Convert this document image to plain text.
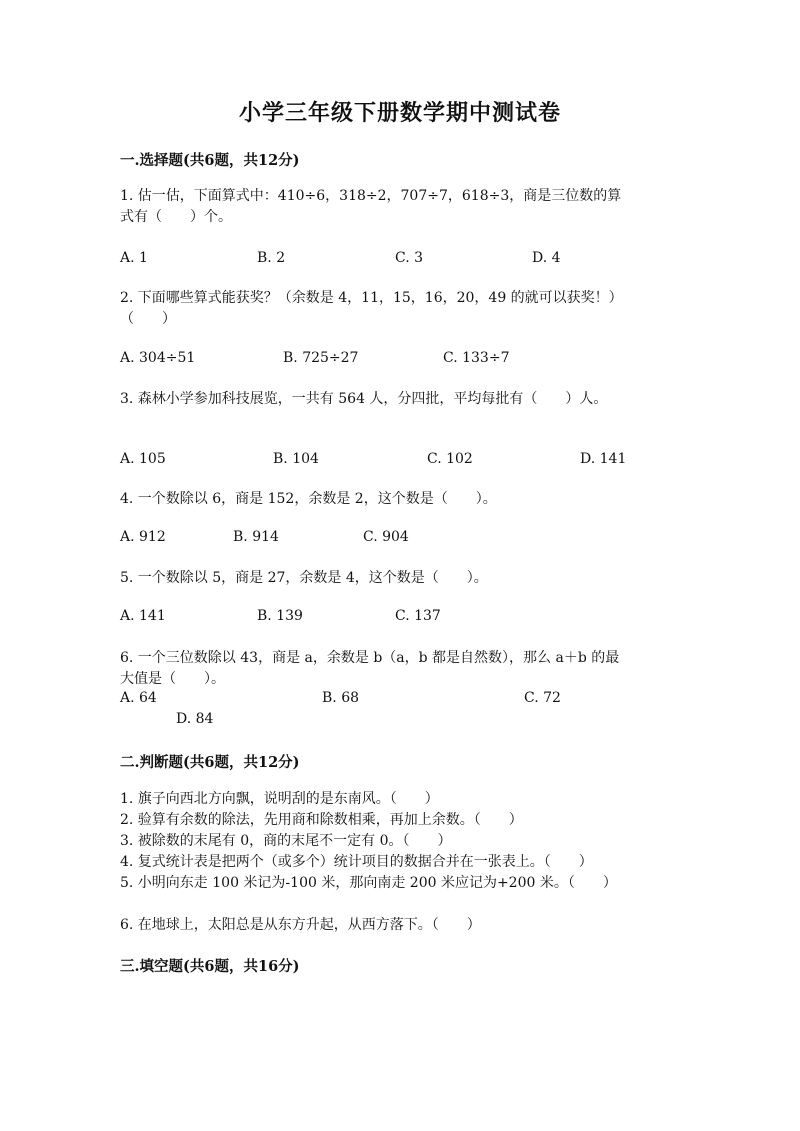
小学三年级下册数学期中测试卷
一.选择题(共6题，共12分)
1. 估一估，下面算式中：410÷6，318÷2，707÷7，618÷3，商是三位数的算
式有（　　）个。
A. 1	B. 2	C. 3	D. 4
2. 下面哪些算式能获奖？（余数是 4，11，15，16，20，49 的就可以获奖！）
（　　）
A. 304÷51	B. 725÷27	C. 133÷7
3. 森林小学参加科技展览，一共有 564 人，分四批，平均每批有（　　）人。
A. 105	B. 104	C. 102	D. 141
4. 一个数除以 6，商是 152，余数是 2，这个数是（　　）。
A. 912	B. 914	C. 904
5. 一个数除以 5，商是 27，余数是 4，这个数是（　　）。
A. 141	B. 139	C. 137
6. 一个三位数除以 43，商是 a，余数是 b（a，b 都是自然数），那么 a＋b 的最
大值是（　　）。
A. 64	B. 68	C. 72
D. 84
二.判断题(共6题，共12分)
1. 旗子向西北方向飘，说明刮的是东南风。（　　）
2. 验算有余数的除法，先用商和除数相乘，再加上余数。（　　）
3. 被除数的末尾有 0，商的末尾不一定有 0。（　　）
4. 复式统计表是把两个（或多个）统计项目的数据合并在一张表上。（　　）
5. 小明向东走 100 米记为-100 米，那向南走 200 米应记为+200 米。（　　）
6. 在地球上，太阳总是从东方升起，从西方落下。（　　）
三.填空题(共6题，共16分)
